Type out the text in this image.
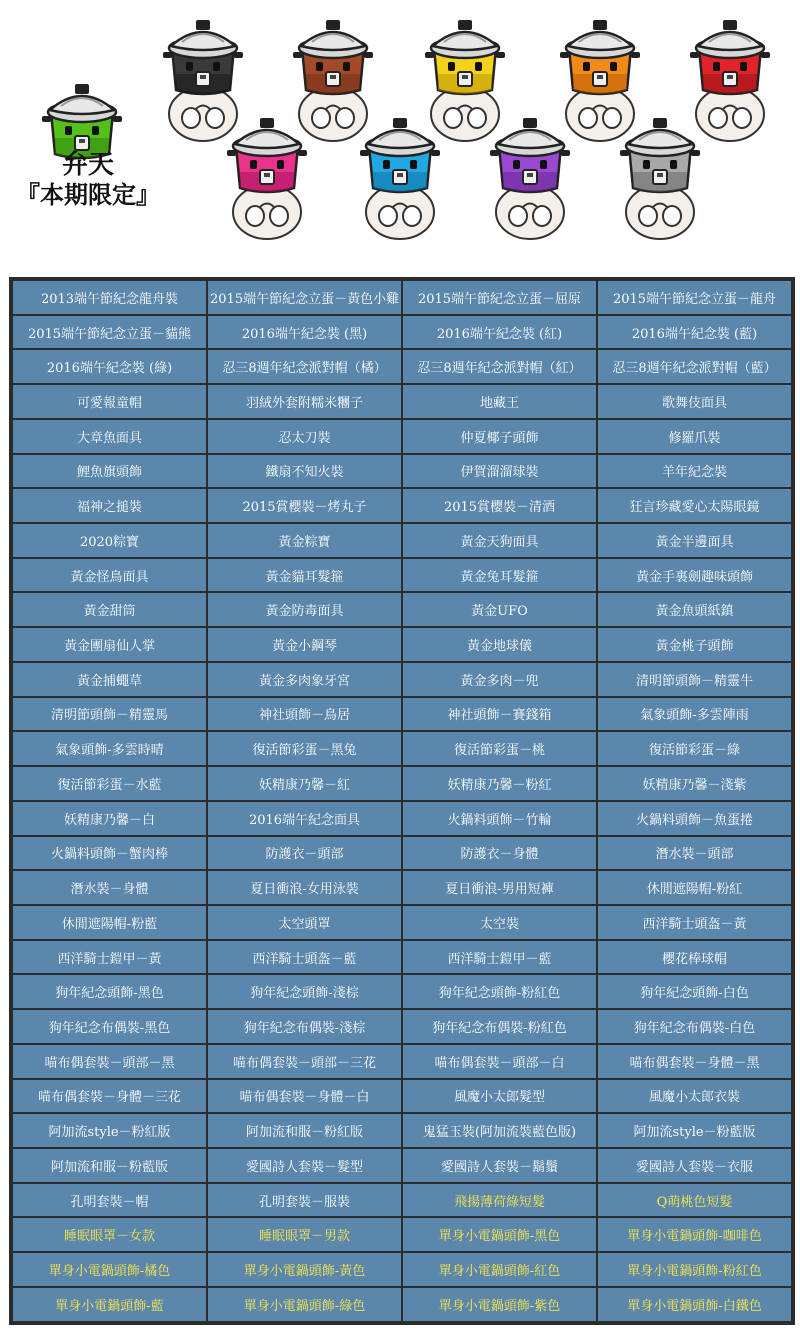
弁天
『本期限定』
2013端午節紀念龍舟裝	2015端午節紀念立蛋－黃色小雞	2015端午節紀念立蛋－屈原	2015端午節紀念立蛋－龍舟
2015端午節紀念立蛋－貓熊	2016端午紀念裝 (黑)	2016端午紀念裝 (紅)	2016端午紀念裝 (藍)
2016端午紀念裝 (綠)	忍三8週年紀念派對帽（橘）	忍三8週年紀念派對帽（紅）	忍三8週年紀念派對帽（藍）
可愛報童帽	羽絨外套附糯米糰子	地藏王	歌舞伎面具
大章魚面具	忍太刀裝	仲夏椰子頭飾	修羅爪裝
鯉魚旗頭飾	鐵扇不知火裝	伊賀溜溜球裝	羊年紀念裝
福神之搥裝	2015賞櫻裝－烤丸子	2015賞櫻裝－清酒	狂言珍藏愛心太陽眼鏡
2020粽寶	黃金粽寶	黃金天狗面具	黃金半邊面具
黃金怪鳥面具	黃金貓耳髮箍	黃金兔耳髮箍	黃金手裏劍趣味頭飾
黃金甜筒	黃金防毒面具	黃金UFO	黃金魚頭紙鎮
黃金團扇仙人掌	黃金小鋼琴	黃金地球儀	黃金桃子頭飾
黃金捕蠅草	黃金多肉象牙宮	黃金多肉－兜	清明節頭飾－精靈牛
清明節頭飾－精靈馬	神社頭飾－鳥居	神社頭飾－賽錢箱	氣象頭飾-多雲陣雨
氣象頭飾-多雲時晴	復活節彩蛋－黑兔	復活節彩蛋－桃	復活節彩蛋－綠
復活節彩蛋－水藍	妖精康乃馨－紅	妖精康乃馨－粉紅	妖精康乃馨－淺紫
妖精康乃馨－白	2016端午紀念面具	火鍋料頭飾－竹輪	火鍋料頭飾－魚蛋捲
火鍋料頭飾－蟹肉棒	防護衣－頭部	防護衣－身體	潛水裝－頭部
潛水裝－身體	夏日衝浪-女用泳裝	夏日衝浪-男用短褲	休閒遮陽帽-粉紅
休閒遮陽帽-粉藍	太空頭罩	太空裝	西洋騎士頭盔－黃
西洋騎士鎧甲－黃	西洋騎士頭盔－藍	西洋騎士鎧甲－藍	櫻花棒球帽
狗年紀念頭飾-黑色	狗年紀念頭飾-淺棕	狗年紀念頭飾-粉紅色	狗年紀念頭飾-白色
狗年紀念布偶裝-黑色	狗年紀念布偶裝-淺棕	狗年紀念布偶裝-粉紅色	狗年紀念布偶裝-白色
喵布偶套裝－頭部－黑	喵布偶套裝－頭部－三花	喵布偶套裝－頭部－白	喵布偶套裝－身體－黑
喵布偶套裝－身體－三花	喵布偶套裝－身體－白	風魔小太郎髮型	風魔小太郎衣裝
阿加流style－粉紅版	阿加流和服－粉紅版	鬼猛玉裝(阿加流裝藍色版)	阿加流style－粉藍版
阿加流和服－粉藍版	愛國詩人套裝－髮型	愛國詩人套裝－鬍鬚	愛國詩人套裝－衣服
孔明套裝－帽	孔明套裝－服裝	飛揚薄荷綠短髮	Q萌桃色短髮
睡眠眼罩－女款	睡眠眼罩－男款	單身小電鍋頭飾-黑色	單身小電鍋頭飾-咖啡色
單身小電鍋頭飾-橘色	單身小電鍋頭飾-黃色	單身小電鍋頭飾-紅色	單身小電鍋頭飾-粉紅色
單身小電鍋頭飾-藍	單身小電鍋頭飾-綠色	單身小電鍋頭飾-紫色	單身小電鍋頭飾-白鐵色
